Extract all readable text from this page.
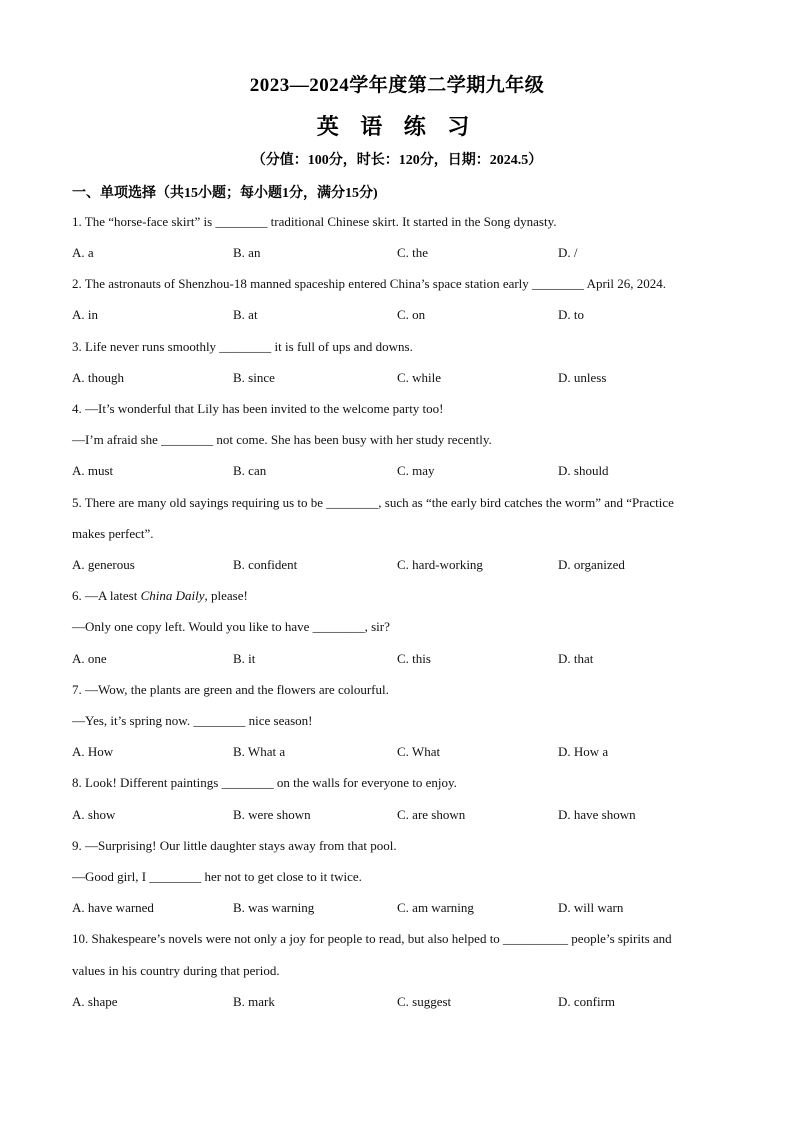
2023—2024学年度第二学期九年级
英 语 练 习
（分值：100分，时长：120分，日期：2024.5）
一、单项选择（共15小题；每小题1分，满分15分)
1. The “horse-face skirt” is ________ traditional Chinese skirt. It started in the Song dynasty.
A. a	B. an	C. the	D. /
2. The astronauts of Shenzhou-18 manned spaceship entered China’s space station early ________ April 26, 2024.
A. in	B. at	C. on	D. to
3. Life never runs smoothly ________ it is full of ups and downs.
A. though	B. since	C. while	D. unless
4. —It’s wonderful that Lily has been invited to the welcome party too!
—I’m afraid she ________ not come. She has been busy with her study recently.
A. must	B. can	C. may	D. should
5. There are many old sayings requiring us to be ________, such as “the early bird catches the worm” and “Practice
makes perfect”.
A. generous	B. confident	C. hard-working	D. organized
6. —A latest China Daily, please!
—Only one copy left. Would you like to have ________, sir?
A. one	B. it	C. this	D. that
7. —Wow, the plants are green and the flowers are colourful.
—Yes, it’s spring now. ________ nice season!
A. How	B. What a	C. What	D. How a
8. Look! Different paintings ________ on the walls for everyone to enjoy.
A. show	B. were shown	C. are shown	D. have shown
9. —Surprising! Our little daughter stays away from that pool.
—Good girl, I ________ her not to get close to it twice.
A. have warned	B. was warning	C. am warning	D. will warn
10. Shakespeare’s novels were not only a joy for people to read, but also helped to __________ people’s spirits and
values in his country during that period.
A. shape	B. mark	C. suggest	D. confirm
